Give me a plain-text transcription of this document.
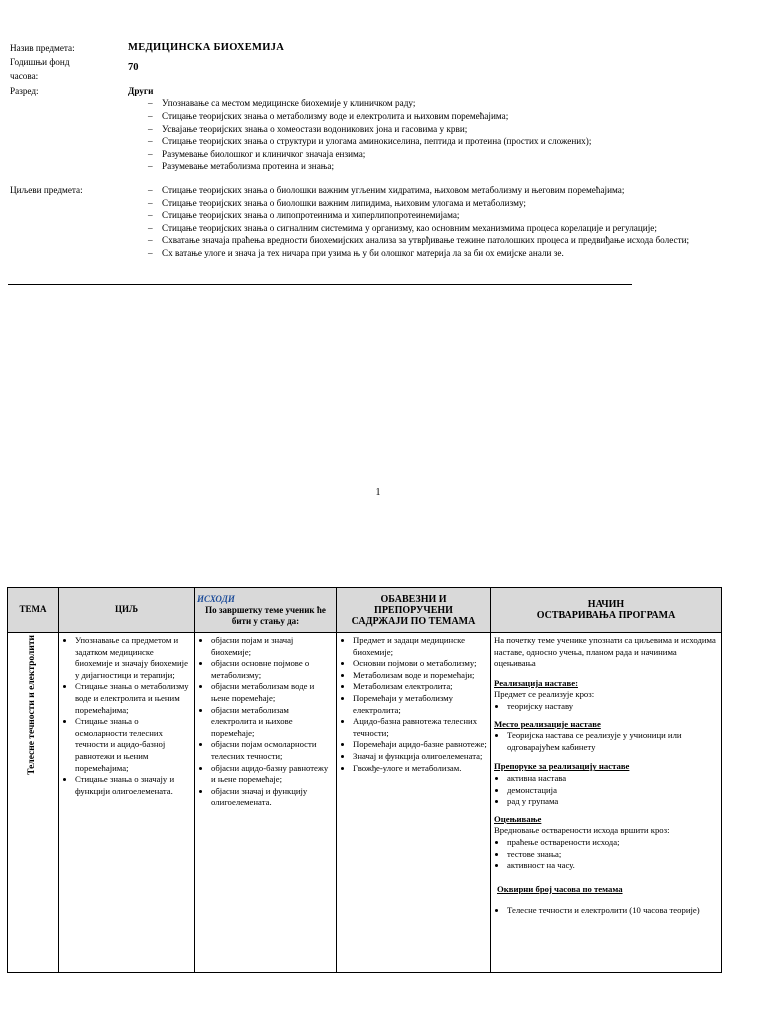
Назив предмета:	МЕДИЦИНСКА БИОХЕМИЈА
Годишњи фонд
часова:
70
Разред:	Други
– Упознавање са местом медицинске биохемије у клиничком раду;
– Стицање теоријских знања о метаболизму воде и електролита и њиховим поремећајима;
– Усвајање теоријских знања о хомеостази водоникових јона и гасовима у крви;
– Стицање теоријских знања о структури и улогама аминокиселина, пептида и протеина (простих и сложених);
– Разумевање биолошког и клиничког значаја ензима;
– Разумевање метаболизма протеина и знања;
Циљеви предмета:
–	Стицање теоријских знања о биолошки важним угљеним хидратима, њиховом метаболизму и његовим поремећајима;
– Стицање теоријских знања о биолошки важним липидима, њиховим улогама и метаболизму;
– Стицање теоријских знања о липопротеинима и хиперлипопротеинемијама;
– Стицање теоријских знања о сигналним системима у организму, као основним механизмима процеса корелације и регулације;
– Схватање значаја праћења вредности биохемијских анализа за утврђивање тежине патолошких процеса и предвиђање исхода болести;
– Сх ватање улоге и знача ја тех ничара при узима њ у би олошког материја ла за би ох емијске анали зе.
1
ТЕМА	ЦИЉ	
ИСХОДИ
По завршетку теме ученик ће бити у стању да:	
ОБАВЕЗНИ И
ПРЕПОРУЧЕНИ
САДРЖАЈИ ПО ТЕМАМА

НАЧИН
ОСТВАРИВАЊА ПРОГРАМА

Телесне течности и електролити	
•Упознавање са предметом и задатком медицинске биохемије и значају биохемије у дијагностици и терапији;
• Стицање знања о метаболизму воде и електролита и њеним поремећајима;
• Стицање знања о осмоларности телесних течности и ацидо-базној равнотежи и њеним поремећајима;
• Стицање знања о значају и функцији олигоелемената.

• објасни појам и значај биохемије;
• објасни основне појмове о метаболизму;
• објасни метаболизам воде и њене поремећаје;
• објасни метаболизам електролита и њихове поремећаје;
• објасни појам осмоларности телесних течности;
• објасни ацидо-базну равнотежу и њене поремећаје;
• објасни значај и функцију олигоелемената.

• Предмет и задаци медицинске биохемије;
• Основни појмови о метаболизму;
• Метаболизам воде и поремећаји;
• Метаболизам електролита;
• Поремећаји у метаболизму електролита;
• Ацидо-базна равнотежа телесних течности;
• Поремећаји ацидо-базне равнотеже;
• Значај и функција олигоелемената;
• Гвожђе-улоге и метаболизам.

На почетку теме ученике упознати са циљевима и исходима наставе, односно учења, планом рада и начинима оцењивања

Реализација наставе:

Предмет се реализује кроз:

• теоријску наставу
Место реализације наставе
• Теоријска настава се реализује у учионици или одговарајућем кабинету
Препоруке за реализацију наставе
• активна настава
• демонстација
• рад у групама
Оцењивање

Вредновање остварености исхода вршити кроз:

• праћење остварености исхода;
• тестове знања;
• активност на часу.
Оквирни број часова по темама
• Телесне течности и електролити (10 часова теорије)
